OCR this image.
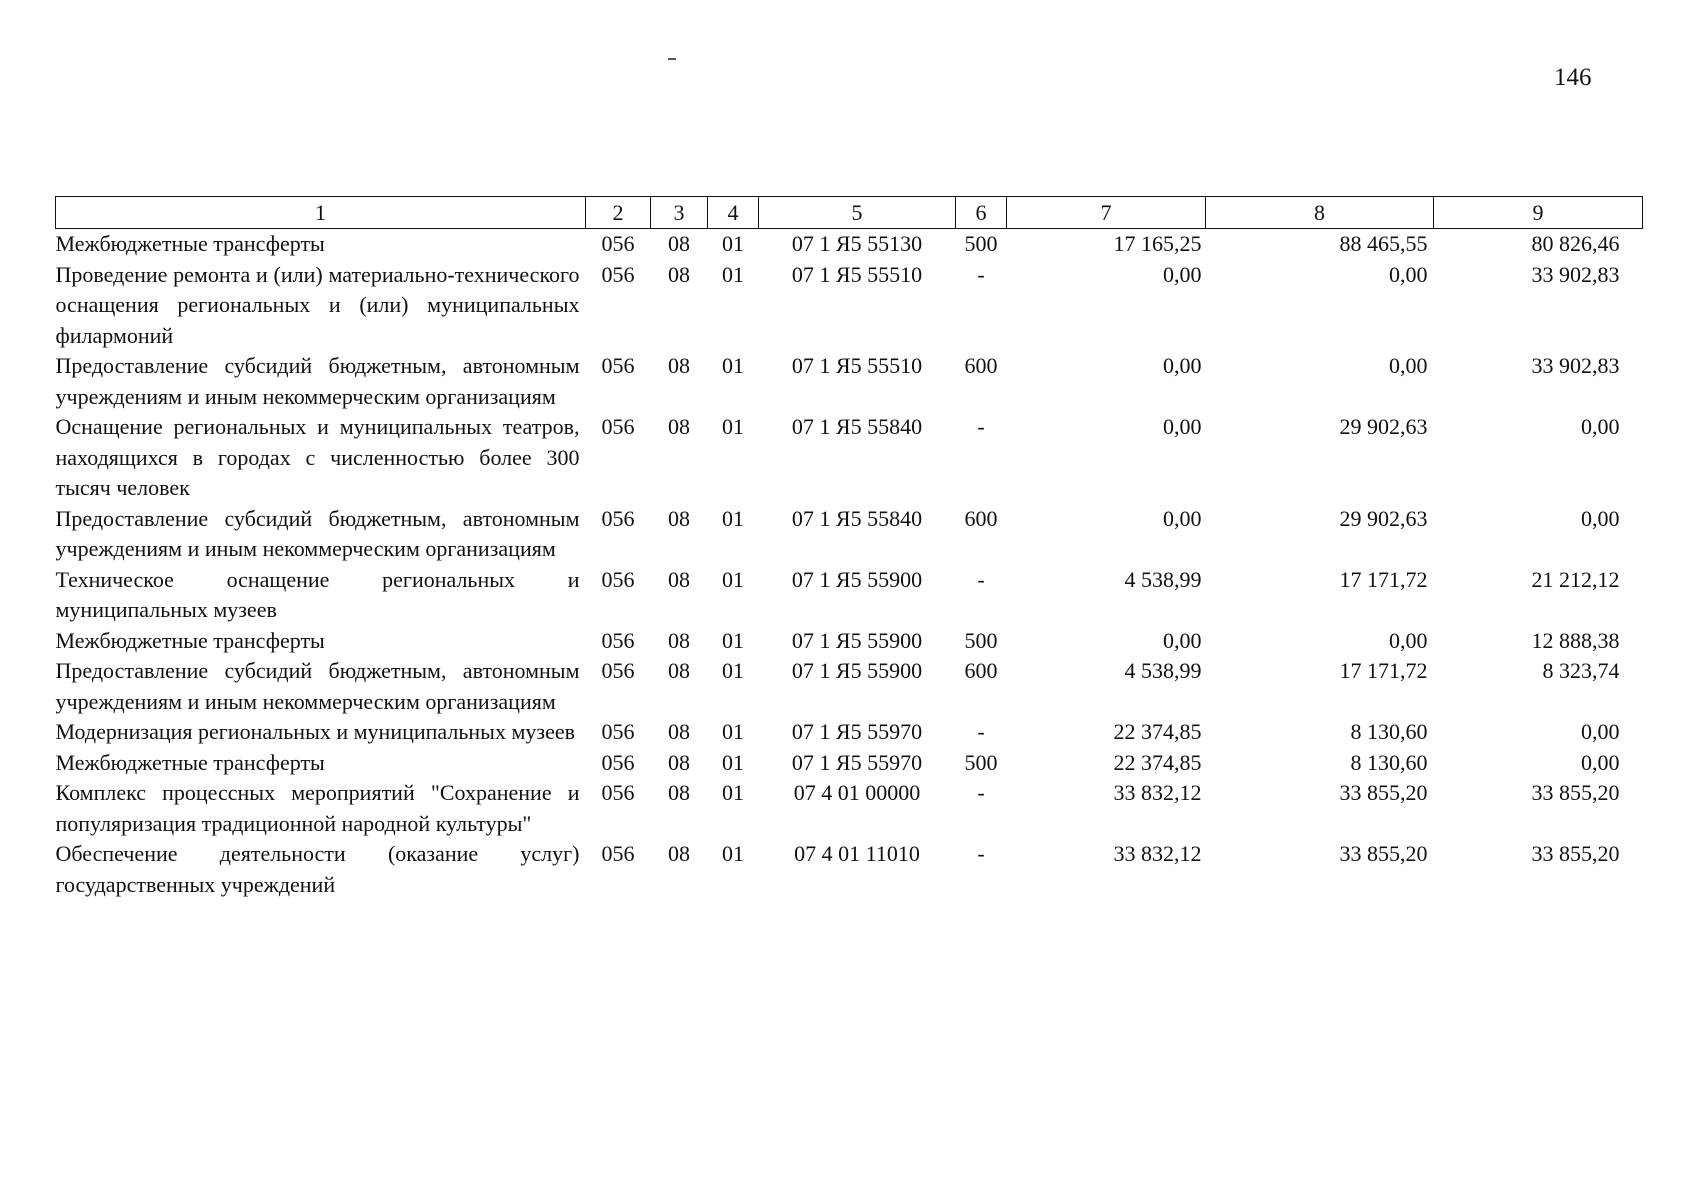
146
1	2	3	4	5	6	7	8	9
Межбюджетные трансферты	056	08	01	07 1 Я5 55130	500	17 165,25	88 465,55	80 826,46
Проведение ремонта и (или) материально-технического оснащения региональных и (или) муниципальных филармоний	056	08	01	07 1 Я5 55510	-	0,00	0,00	33 902,83
Предоставление субсидий бюджетным, автономным учреждениям и иным некоммерческим организациям	056	08	01	07 1 Я5 55510	600	0,00	0,00	33 902,83
Оснащение региональных и муниципальных театров, находящихся в городах с численностью более 300 тысяч человек	056	08	01	07 1 Я5 55840	-	0,00	29 902,63	0,00
Предоставление субсидий бюджетным, автономным учреждениям и иным некоммерческим организациям	056	08	01	07 1 Я5 55840	600	0,00	29 902,63	0,00
Техническое оснащение региональных и муниципальных музеев	056	08	01	07 1 Я5 55900	-	4 538,99	17 171,72	21 212,12
Межбюджетные трансферты	056	08	01	07 1 Я5 55900	500	0,00	0,00	12 888,38
Предоставление субсидий бюджетным, автономным учреждениям и иным некоммерческим организациям	056	08	01	07 1 Я5 55900	600	4 538,99	17 171,72	8 323,74
Модернизация региональных и муниципальных музеев	056	08	01	07 1 Я5 55970	-	22 374,85	8 130,60	0,00
Межбюджетные трансферты	056	08	01	07 1 Я5 55970	500	22 374,85	8 130,60	0,00
Комплекс процессных мероприятий "Сохранение и популяризация традиционной народной культуры"	056	08	01	07 4 01 00000	-	33 832,12	33 855,20	33 855,20
Обеспечение деятельности (оказание услуг) государственных учреждений	056	08	01	07 4 01 11010	-	33 832,12	33 855,20	33 855,20
